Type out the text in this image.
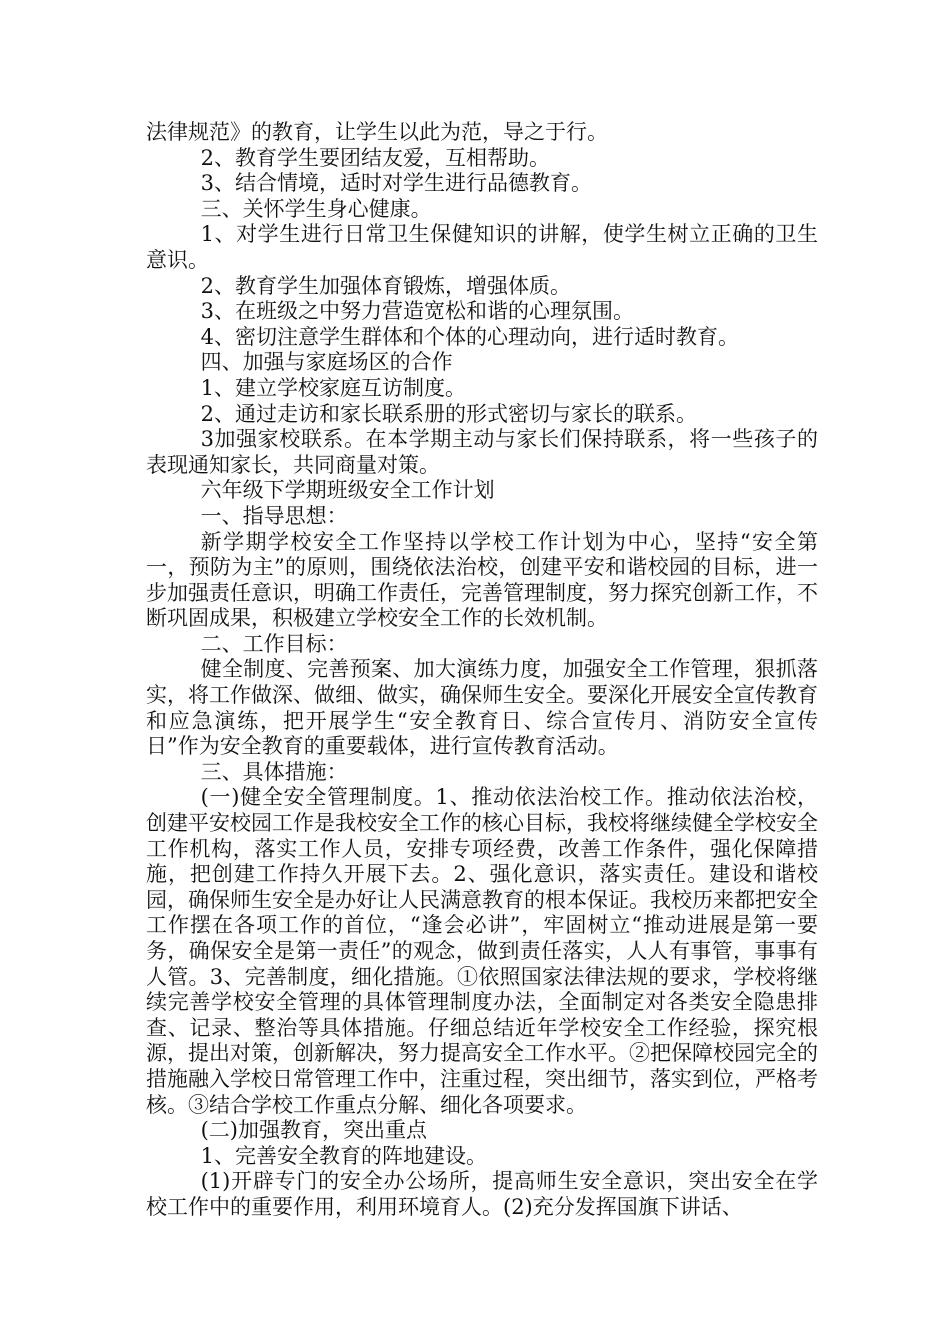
法律规范》的教育，让学生以此为范，导之于行。

2、教育学生要团结友爱，互相帮助。

3、结合情境，适时对学生进行品德教育。

三、关怀学生身心健康。

1、对学生进行日常卫生保健知识的讲解，使学生树立正确的卫生意识。

2、教育学生加强体育锻炼，增强体质。

3、在班级之中努力营造宽松和谐的心理氛围。

4、密切注意学生群体和个体的心理动向，进行适时教育。

四、加强与家庭场区的合作

1、建立学校家庭互访制度。

2、通过走访和家长联系册的形式密切与家长的联系。

3加强家校联系。在本学期主动与家长们保持联系，将一些孩子的表现通知家长，共同商量对策。

六年级下学期班级安全工作计划

一、指导思想：

新学期学校安全工作坚持以学校工作计划为中心，坚持“安全第一，预防为主”的原则，围绕依法治校，创建平安和谐校园的目标，进一步加强责任意识，明确工作责任，完善管理制度，努力探究创新工作，不断巩固成果，积极建立学校安全工作的长效机制。

二、工作目标：

健全制度、完善预案、加大演练力度，加强安全工作管理，狠抓落实，将工作做深、做细、做实，确保师生安全。要深化开展安全宣传教育和应急演练，把开展学生“安全教育日、综合宣传月、消防安全宣传日”作为安全教育的重要载体，进行宣传教育活动。

三、具体措施：

(一)健全安全管理制度。1、推动依法治校工作。推动依法治校，创建平安校园工作是我校安全工作的核心目标，我校将继续健全学校安全工作机构，落实工作人员，安排专项经费，改善工作条件，强化保障措施，把创建工作持久开展下去。2、强化意识，落实责任。建设和谐校园，确保师生安全是办好让人民满意教育的根本保证。我校历来都把安全工作摆在各项工作的首位，“逢会必讲”，牢固树立“推动进展是第一要务，确保安全是第一责任”的观念，做到责任落实，人人有事管，事事有人管。3、完善制度，细化措施。①依照国家法律法规的要求，学校将继续完善学校安全管理的具体管理制度办法，全面制定对各类安全隐患排查、记录、整治等具体措施。仔细总结近年学校安全工作经验，探究根源，提出对策，创新解决，努力提高安全工作水平。②把保障校园完全的措施融入学校日常管理工作中，注重过程，突出细节，落实到位，严格考核。③结合学校工作重点分解、细化各项要求。

(二)加强教育，突出重点

1、完善安全教育的阵地建设。

(1)开辟专门的安全办公场所，提高师生安全意识，突出安全在学校工作中的重要作用，利用环境育人。(2)充分发挥国旗下讲话、
